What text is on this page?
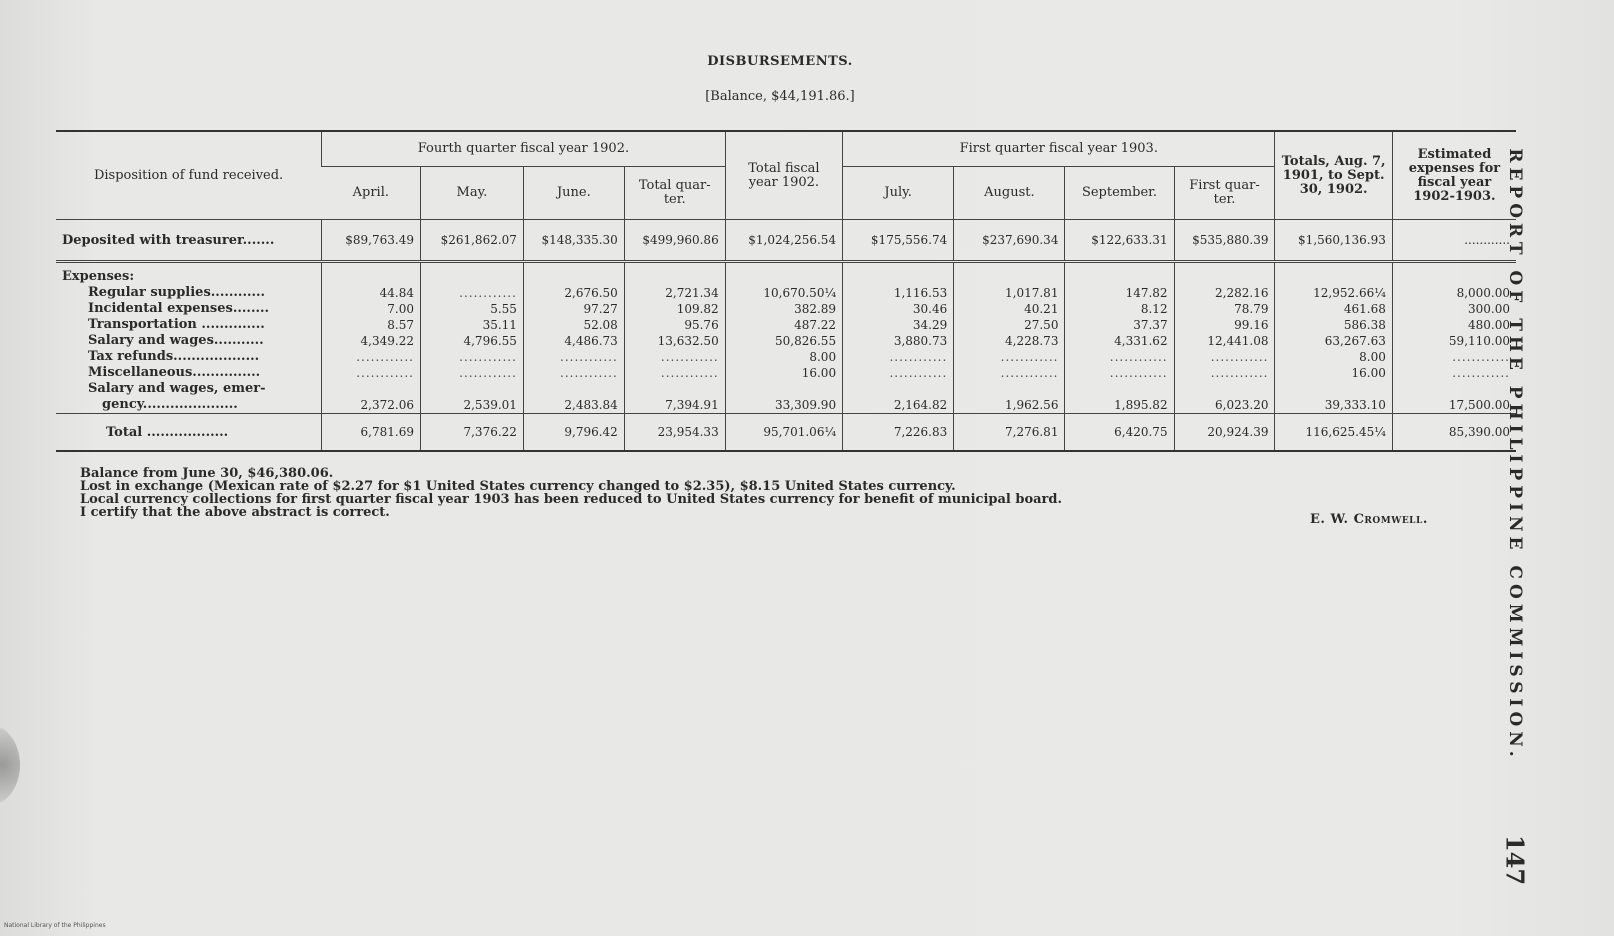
DISBURSEMENTS.
[Balance, $44,191.86.]
Disposition of fund received.	Fourth quarter fiscal year 1902.				Total fiscal year 1902.	First quarter fiscal year 1903.				Totals, Aug. 7, 1901, to Sept. 30, 1902.	Estimated expenses for fiscal year 1902-1903.
	April.	May.	June.	Total quar-ter.		July.	August.	September.	First quar-ter.		
Deposited with treasurer.......	$89,763.49	$261,862.07	$148,335.30	$499,960.86	$1,024,256.54	$175,556.74	$237,690.34	$122,633.31	$535,880.39	$1,560,136.93	............
Expenses:											
Regular supplies............	44.84	............	2,676.50	2,721.34	10,670.50¼	1,116.53	1,017.81	147.82	2,282.16	12,952.66¼	8,000.00
Incidental expenses........	7.00	5.55	97.27	109.82	382.89	30.46	40.21	8.12	78.79	461.68	300.00
Transportation ..............	8.57	35.11	52.08	95.76	487.22	34.29	27.50	37.37	99.16	586.38	480.00
Salary and wages...........	4,349.22	4,796.55	4,486.73	13,632.50	50,826.55	3,880.73	4,228.73	4,331.62	12,441.08	63,267.63	59,110.00
Tax refunds...................	............	............	............	............	8.00	............	............	............	............	8.00	............
Miscellaneous...............	............	............	............	............	16.00	............	............	............	............	16.00	............
Salary and wages, emer-											
gency.....................	2,372.06	2,539.01	2,483.84	7,394.91	33,309.90	2,164.82	1,962.56	1,895.82	6,023.20	39,333.10	17,500.00
Total ..................	6,781.69	7,376.22	9,796.42	23,954.33	95,701.06¼	7,226.83	7,276.81	6,420.75	20,924.39	116,625.45¼	85,390.00
Balance from June 30, $46,380.06.
Lost in exchange (Mexican rate of $2.27 for $1 United States currency changed to $2.35), $8.15 United States currency.
Local currency collections for first quarter fiscal year 1903 has been reduced to United States currency for benefit of municipal board.
I certify that the above abstract is correct.	E. W. Cromwell.	REPORT OF THE PHILIPPINE COMMISSION.
147
National Library of the Philippines
